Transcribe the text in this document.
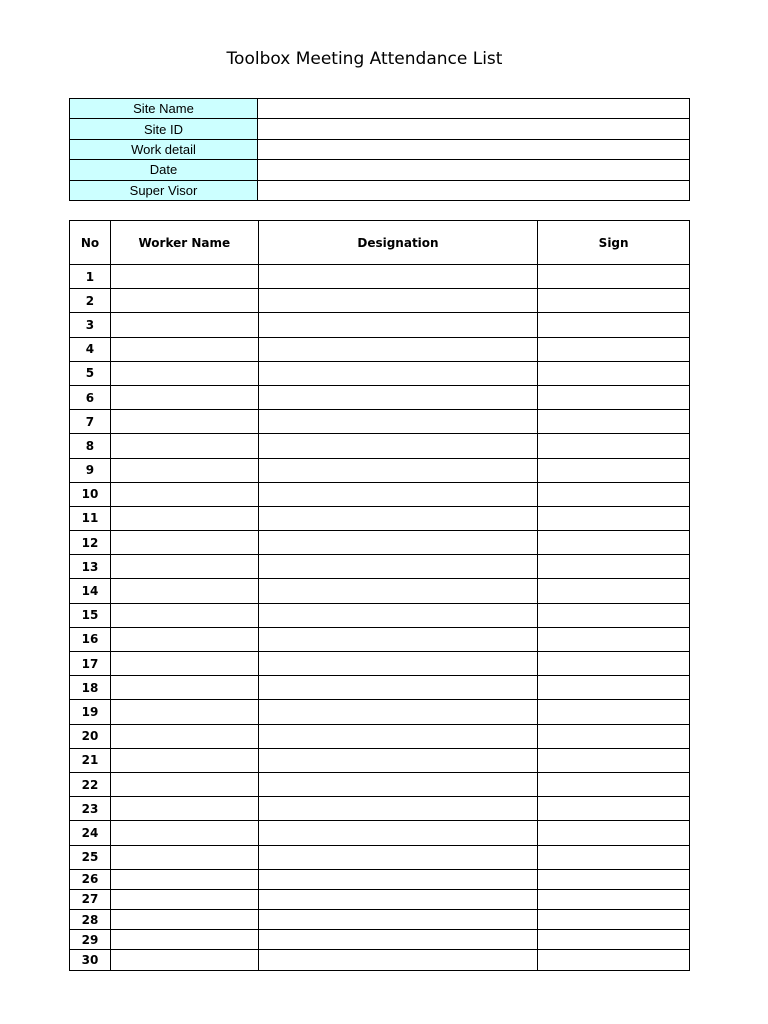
Toolbox Meeting Attendance List
Site Name	
Site ID	
Work detail	
Date	
Super Visor	
No	Worker Name	Designation	Sign
1			
2			
3			
4			
5			
6			
7			
8			
9			
10			
11			
12			
13			
14			
15			
16			
17			
18			
19			
20			
21			
22			
23			
24			
25			
26			
27			
28			
29			
30			
